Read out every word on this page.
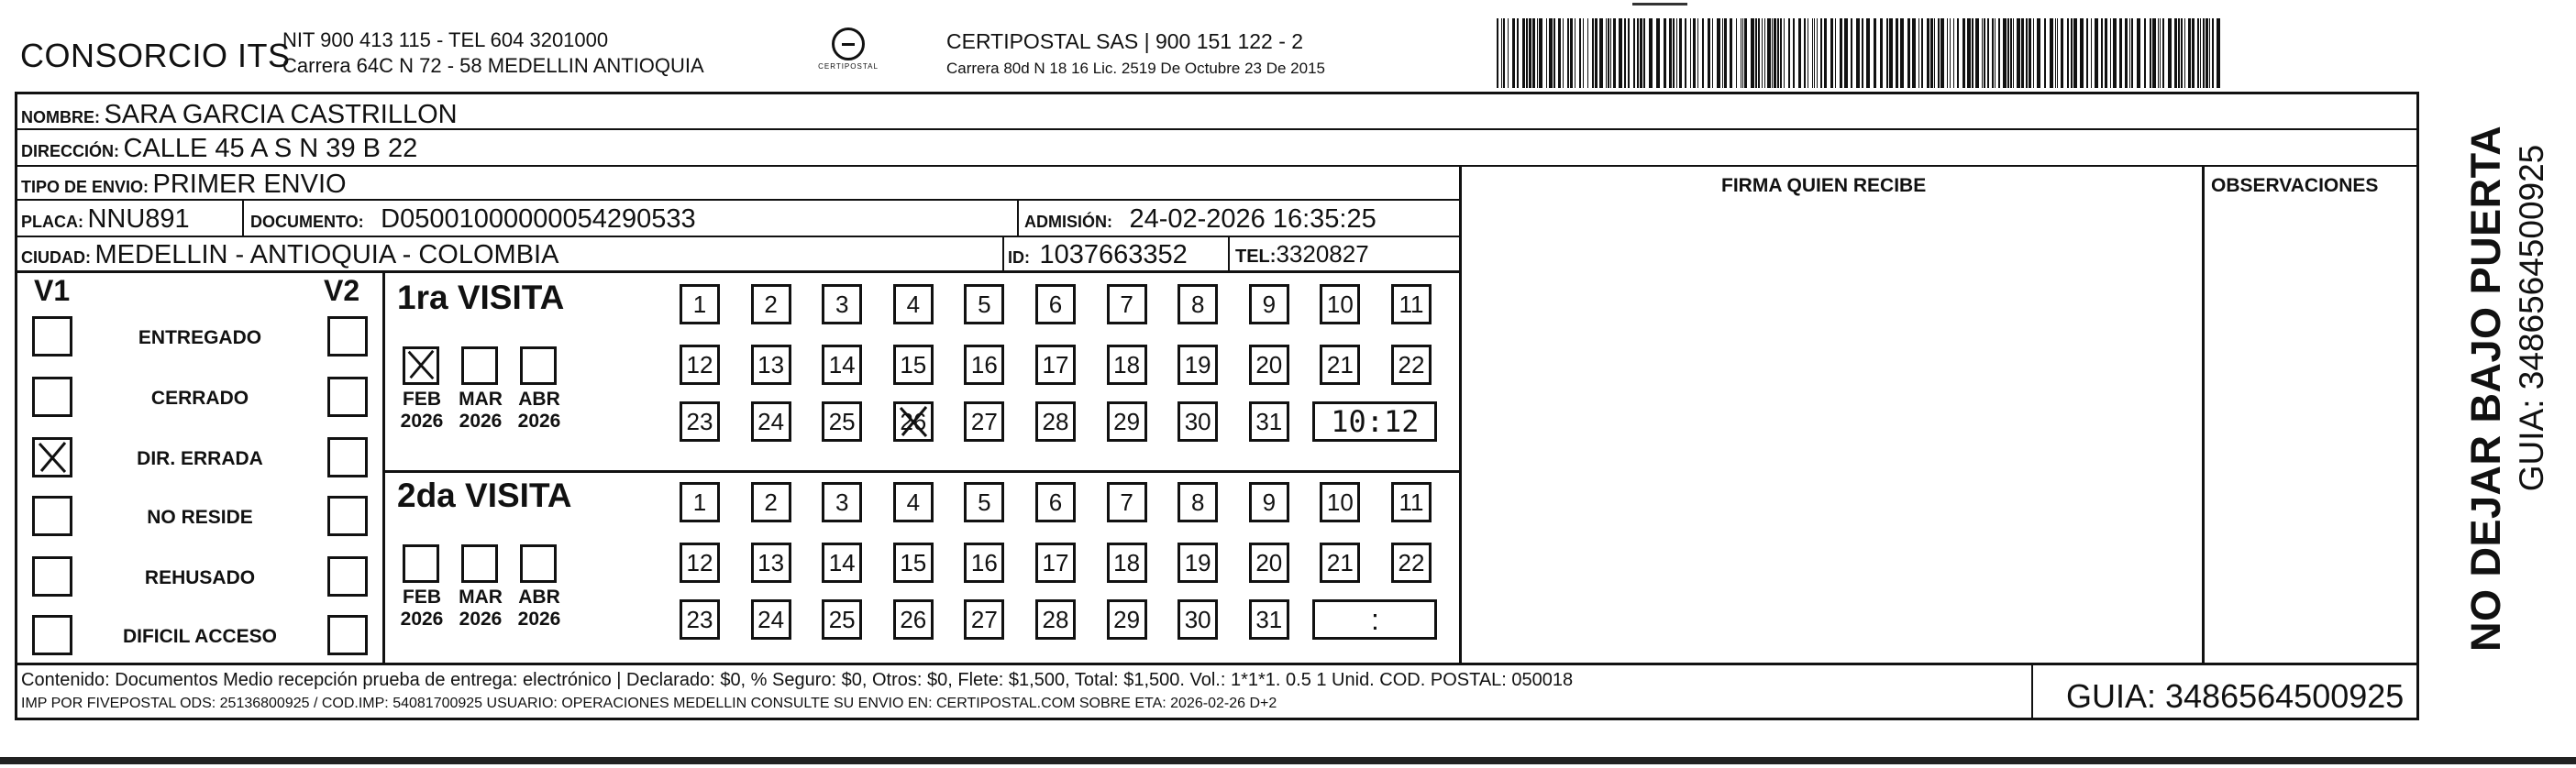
CONSORCIO ITS
NIT 900 413 115 - TEL 604 3201000
Carrera 64C N 72 - 58 MEDELLIN ANTIOQUIA	CERTIPOSTAL
CERTIPOSTAL SAS | 900 151 122 - 2
Carrera 80d N 18 16 Lic. 2519 De Octubre 23 De 2015
NOMBRE: SARA GARCIA CASTRILLON
DIRECCIÓN: CALLE 45 A S N 39 B 22
TIPO DE ENVIO: PRIMER ENVIO	FIRMA QUIEN RECIBE	OBSERVACIONES
PLACA: NNU891	DOCUMENTO: D05001000000054290533	ADMISIÓN: 24-02-2026 16:35:25
CIUDAD: MEDELLIN - ANTIOQUIA - COLOMBIA	ID: 1037663352	TEL:3320827
V1	V2
ENTREGADO
CERRADO
DIR. ERRADA
NO RESIDE
REHUSADO
DIFICIL ACCESO
1ra VISITA
FEB
2026
MAR
2026
ABR
2026
1	2	3	4	5	6	7	8	9	10	11
12 13 14 15 16 17 18 19 20 21 22
23 24 25 26 27 28 29 30 31	10:12
2da VISITA
FEB
2026
MAR
2026
ABR
2026
1	2	3	4	5	6	7	8	9	10	11
12 13 14 15 16 17 18 19 20 21 22
23 24 25 26 27 28 29 30 31	:
Contenido: Documentos Medio recepción prueba de entrega: electrónico | Declarado: $0, % Seguro: $0, Otros: $0, Flete: $1,500, Total: $1,500. Vol.: 1*1*1. 0.5 1 Unid. COD. POSTAL: 050018
IMP POR FIVEPOSTAL ODS: 25136800925 / COD.IMP: 54081700925 USUARIO: OPERACIONES MEDELLIN CONSULTE SU ENVIO EN: CERTIPOSTAL.COM SOBRE ETA: 2026-02-26 D+2	GUIA: 3486564500925
NO DEJAR BAJO PUERTA GUIA: 3486564500925
